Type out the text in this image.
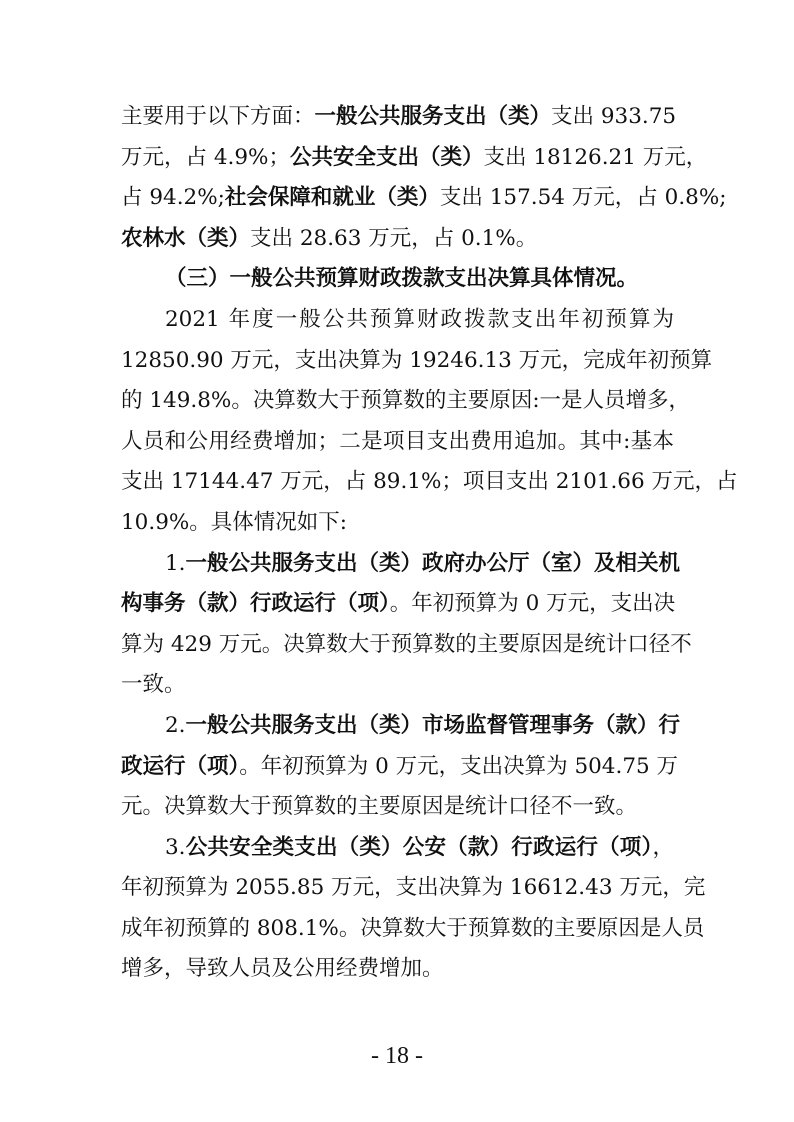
主要用于以下方面：一般公共服务支出（类）支出 933.75
万元，占 4.9%；公共安全支出（类）支出 18126.21 万元，
占 94.2%;社会保障和就业（类）支出 157.54 万元，占 0.8%;
农林水（类）支出 28.63 万元，占 0.1%。
（三）一般公共预算财政拨款支出决算具体情况。
2021 年度一般公共预算财政拨款支出年初预算为
12850.90 万元，支出决算为 19246.13 万元，完成年初预算
的 149.8%。决算数大于预算数的主要原因:一是人员增多，
人员和公用经费增加；二是项目支出费用追加。其中:基本
支出 17144.47 万元，占 89.1%；项目支出 2101.66 万元，占
10.9%。具体情况如下:
1.一般公共服务支出（类）政府办公厅（室）及相关机
构事务（款）行政运行（项）。年初预算为 0 万元，支出决
算为 429 万元。决算数大于预算数的主要原因是统计口径不
一致。
2.一般公共服务支出（类）市场监督管理事务（款）行
政运行（项）。年初预算为 0 万元，支出决算为 504.75 万
元。决算数大于预算数的主要原因是统计口径不一致。
3.公共安全类支出（类）公安（款）行政运行（项），
年初预算为 2055.85 万元，支出决算为 16612.43 万元，完
成年初预算的 808.1%。决算数大于预算数的主要原因是人员
增多，导致人员及公用经费增加。
- 18 -
